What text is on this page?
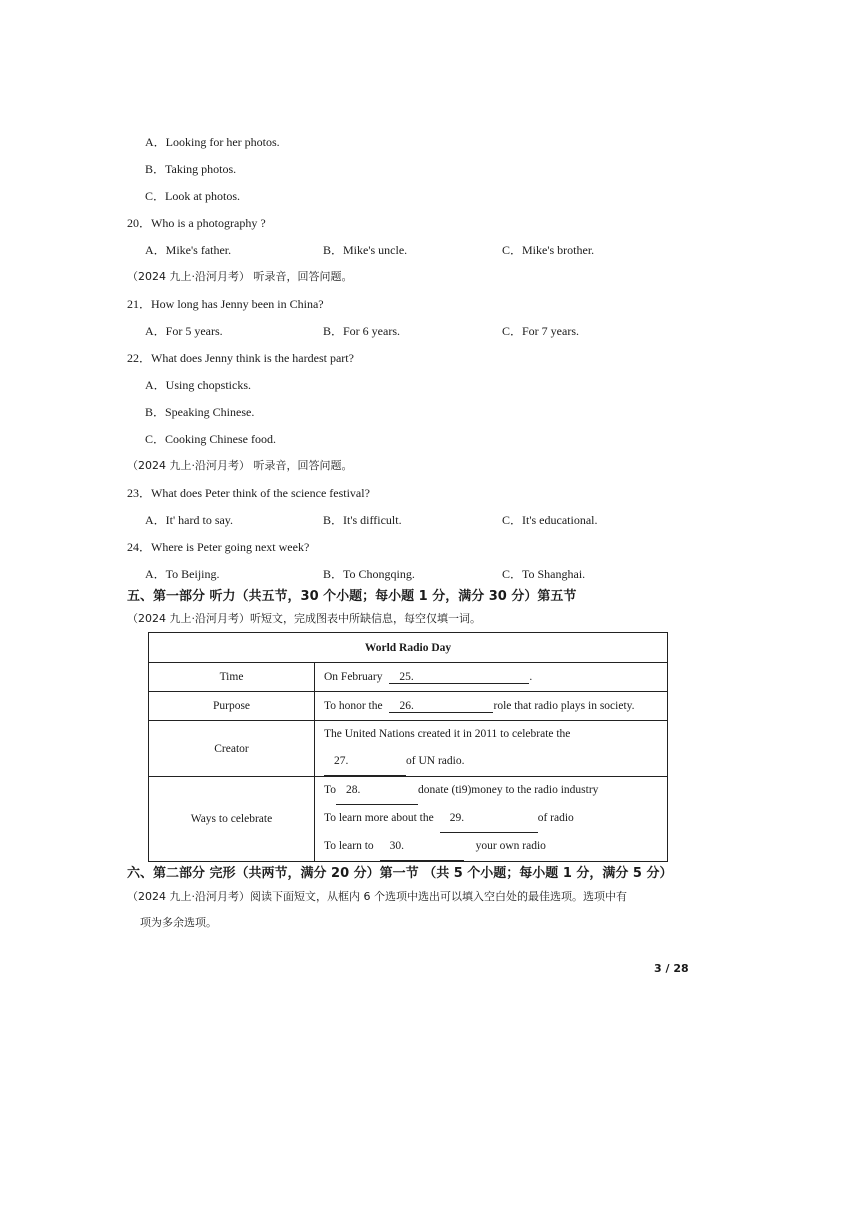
A．Looking for her photos.
B．Taking photos.
C．Look at photos.
20．Who is a photography ?
A．Mike's father.	B．Mike's uncle.	C．Mike's brother.
（2024 九上·沿河月考） 听录音，回答问题。
21．How long has Jenny been in China?
A．For 5 years.	B．For 6 years.	C．For 7 years.
22．What does Jenny think is the hardest part?
A．Using chopsticks.
B．Speaking Chinese.
C．Cooking Chinese food.
（2024 九上·沿河月考） 听录音，回答问题。
23．What does Peter think of the science festival?
A．It' hard to say.	B．It's difficult.	C．It's educational.
24．Where is Peter going next week?
A．To Beijing.	B．To Chongqing.	C．To Shanghai.
五、第一部分 听力（共五节，30 个小题；每小题 1 分，满分 30 分）第五节
（2024 九上·沿河月考）听短文，完成图表中所缺信息，每空仅填一词。
World Radio Day	
Time	On February 25. .
Purpose	To honor the 26. role that radio plays in society.
Creator	The United Nations created it in 2011 to celebrate the
27. of UN radio.

Ways to celebrate	To 28. donate (ti9)money to the radio industry
To learn more about the 29. of radio
To learn to 30. your own radio
六、第二部分 完形（共两节，满分 20 分）第一节 （共 5 个小题；每小题 1 分，满分 5 分）
（2024 九上·沿河月考）阅读下面短文，从框内 6 个选项中选出可以填入空白处的最佳选项。选项中有
项为多余选项。
3 / 28
